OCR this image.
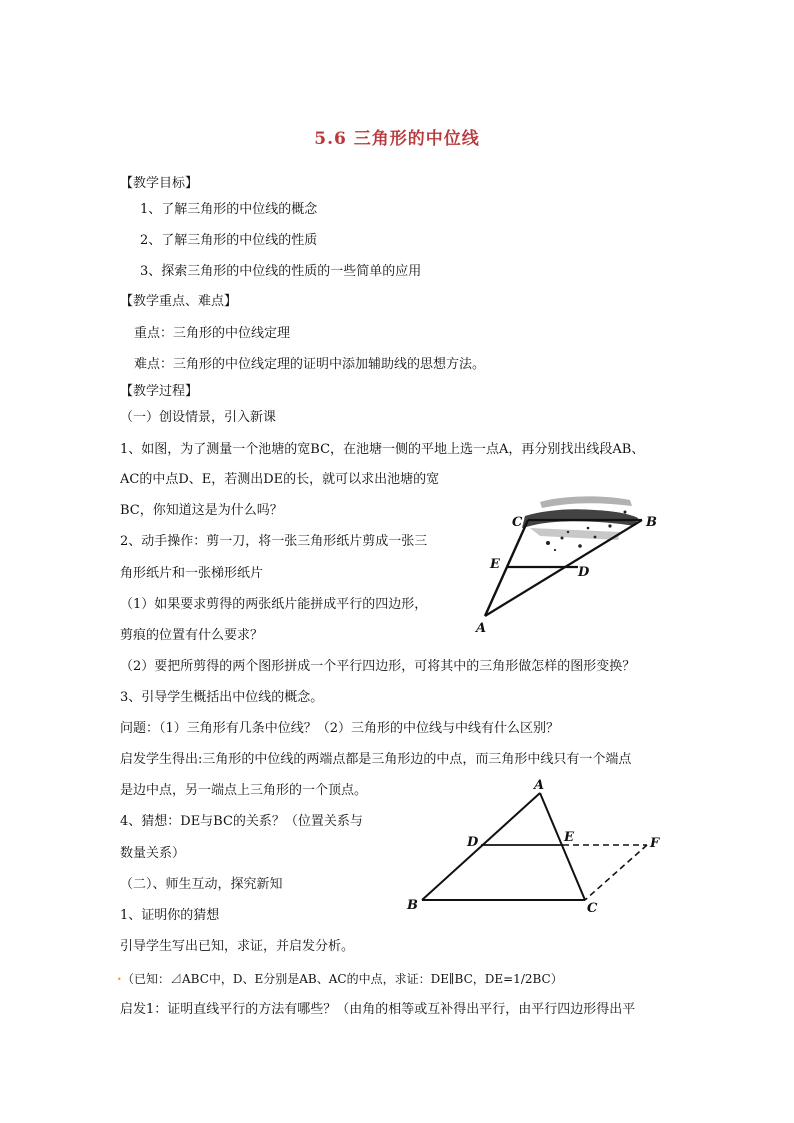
5.6 三角形的中位线
【教学目标】
1、了解三角形的中位线的概念
2、了解三角形的中位线的性质
3、探索三角形的中位线的性质的一些简单的应用
【教学重点、难点】
重点：三角形的中位线定理
难点：三角形的中位线定理的证明中添加辅助线的思想方法。
【教学过程】
（一）创设情景，引入新课
1、如图，为了测量一个池塘的宽BC，在池塘一侧的平地上选一点A，再分别找出线段AB、
AC的中点D、E，若测出DE的长，就可以求出池塘的宽
BC，你知道这是为什么吗？
2、动手操作：剪一刀，将一张三角形纸片剪成一张三
角形纸片和一张梯形纸片
（1）如果要求剪得的两张纸片能拼成平行的四边形，
剪痕的位置有什么要求？
（2）要把所剪得的两个图形拼成一个平行四边形，可将其中的三角形做怎样的图形变换？
3、引导学生概括出中位线的概念。
问题：（1）三角形有几条中位线？（2）三角形的中位线与中线有什么区别？
启发学生得出:三角形的中位线的两端点都是三角形边的中点，而三角形中线只有一个端点
是边中点，另一端点上三角形的一个顶点。
4、猜想：DE与BC的关系？（位置关系与
数量关系）
（二）、师生互动，探究新知
1、证明你的猜想
引导学生写出已知，求证，并启发分析。
. （已知：⊿ABC中，D、E分别是AB、AC的中点，求证：DE∥BC，DE=1/2BC）
启发1：证明直线平行的方法有哪些？（由角的相等或互补得出平行，由平行四边形得出平
C	B
E
D
A
A
B	C
D	E	F
